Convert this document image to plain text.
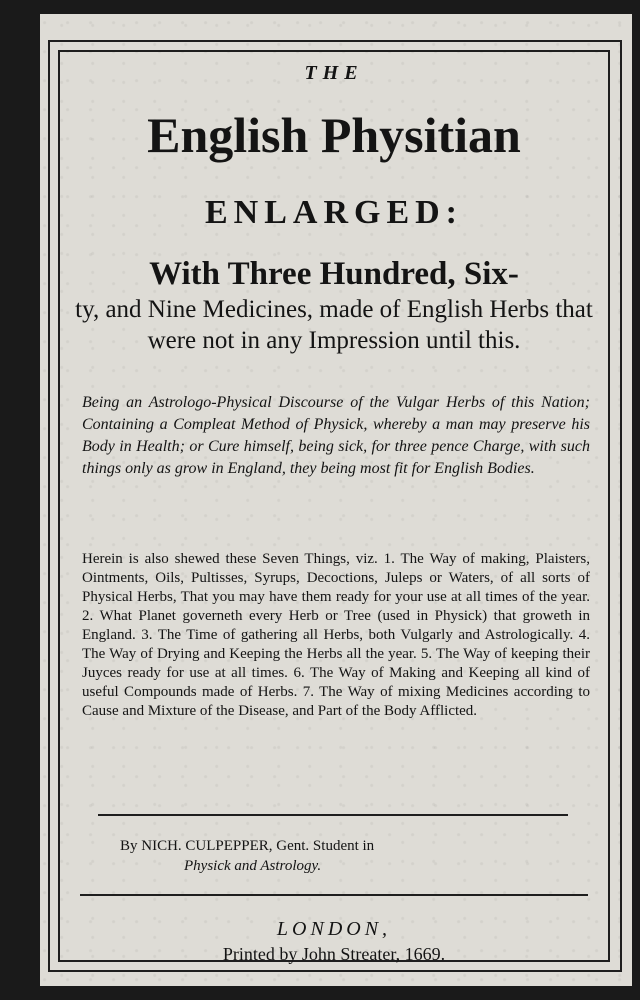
THE
English Physitian
ENLARGED:
With Three Hundred, Six-
ty, and Nine Medicines, made of English Herbs that were not in any Impression until this.
Being an Astrologo-Physical Discourse of the Vulgar Herbs of this Nation; Containing a Compleat Method of Physick, whereby a man may preserve his Body in Health; or Cure himself, being sick, for three pence Charge, with such things only as grow in England, they being most fit for English Bodies.
Herein is also shewed these Seven Things, viz. 1. The Way of making, Plaisters, Ointments, Oils, Pultisses, Syrups, Decoctions, Juleps or Waters, of all sorts of Physical Herbs, That you may have them ready for your use at all times of the year. 2. What Planet governeth every Herb or Tree (used in Physick) that groweth in England. 3. The Time of gathering all Herbs, both Vulgarly and Astrologically. 4. The Way of Drying and Keeping the Herbs all the year. 5. The Way of keeping their Juyces ready for use at all times. 6. The Way of Making and Keeping all kind of useful Compounds made of Herbs. 7. The Way of mixing Medicines according to Cause and Mixture of the Disease, and Part of the Body Afflicted.
By NICH. CULPEPPER, Gent. Student in
Physick and Astrology.
LONDON,
Printed by John Streater, 1669.
